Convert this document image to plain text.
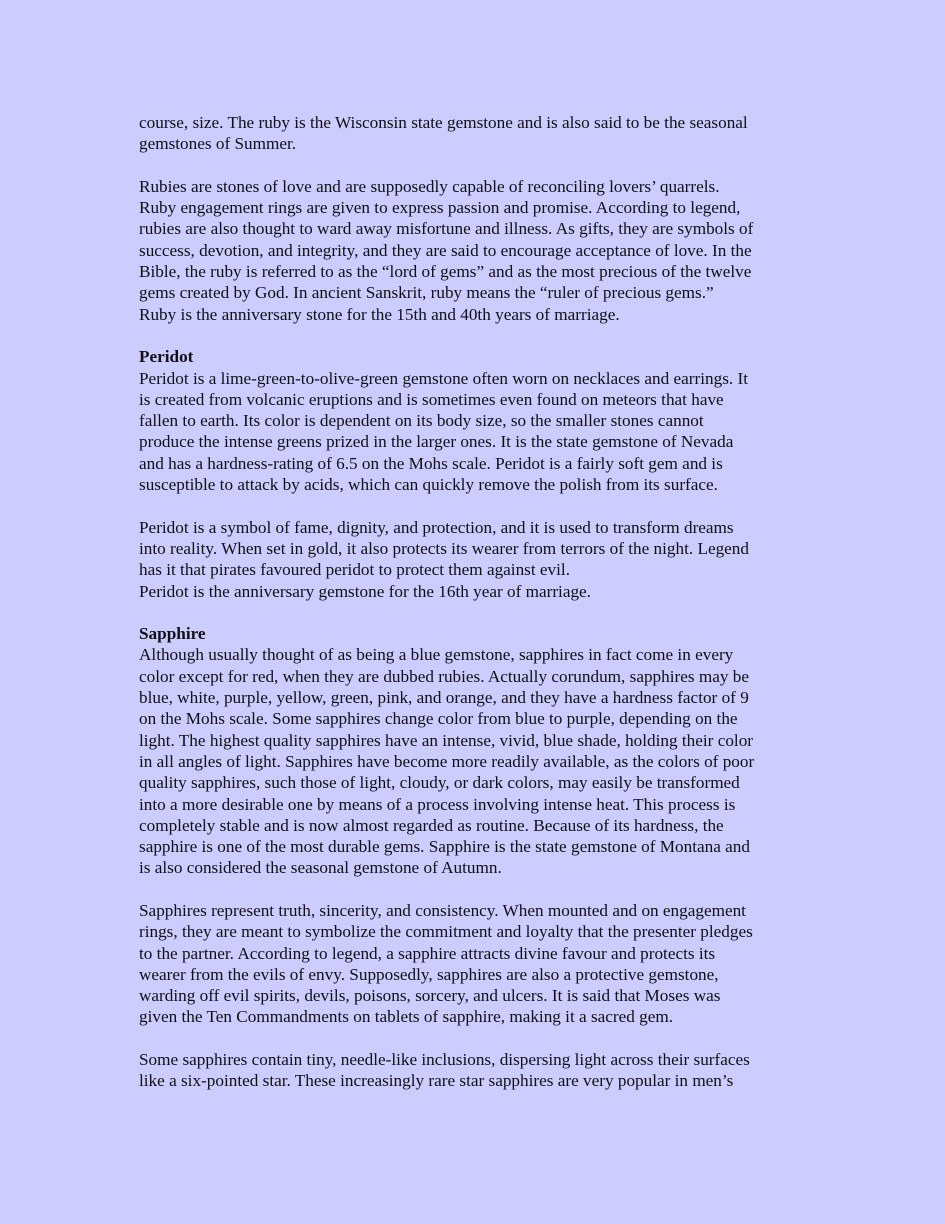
course, size. The ruby is the Wisconsin state gemstone and is also said to be the seasonal
gemstones of Summer.

Rubies are stones of love and are supposedly capable of reconciling lovers’ quarrels.
Ruby engagement rings are given to express passion and promise. According to legend,
rubies are also thought to ward away misfortune and illness. As gifts, they are symbols of
success, devotion, and integrity, and they are said to encourage acceptance of love. In the
Bible, the ruby is referred to as the “lord of gems” and as the most precious of the twelve
gems created by God. In ancient Sanskrit, ruby means the “ruler of precious gems.”
Ruby is the anniversary stone for the 15th and 40th years of marriage.

Peridot

Peridot is a lime-green-to-olive-green gemstone often worn on necklaces and earrings. It
is created from volcanic eruptions and is sometimes even found on meteors that have
fallen to earth. Its color is dependent on its body size, so the smaller stones cannot
produce the intense greens prized in the larger ones. It is the state gemstone of Nevada
and has a hardness-rating of 6.5 on the Mohs scale. Peridot is a fairly soft gem and is
susceptible to attack by acids, which can quickly remove the polish from its surface.

Peridot is a symbol of fame, dignity, and protection, and it is used to transform dreams
into reality. When set in gold, it also protects its wearer from terrors of the night. Legend
has it that pirates favoured peridot to protect them against evil.
Peridot is the anniversary gemstone for the 16th year of marriage.

Sapphire

Although usually thought of as being a blue gemstone, sapphires in fact come in every
color except for red, when they are dubbed rubies. Actually corundum, sapphires may be
blue, white, purple, yellow, green, pink, and orange, and they have a hardness factor of 9
on the Mohs scale. Some sapphires change color from blue to purple, depending on the
light. The highest quality sapphires have an intense, vivid, blue shade, holding their color
in all angles of light. Sapphires have become more readily available, as the colors of poor
quality sapphires, such those of light, cloudy, or dark colors, may easily be transformed
into a more desirable one by means of a process involving intense heat. This process is
completely stable and is now almost regarded as routine. Because of its hardness, the
sapphire is one of the most durable gems. Sapphire is the state gemstone of Montana and
is also considered the seasonal gemstone of Autumn.

Sapphires represent truth, sincerity, and consistency. When mounted and on engagement
rings, they are meant to symbolize the commitment and loyalty that the presenter pledges
to the partner. According to legend, a sapphire attracts divine favour and protects its
wearer from the evils of envy. Supposedly, sapphires are also a protective gemstone,
warding off evil spirits, devils, poisons, sorcery, and ulcers. It is said that Moses was
given the Ten Commandments on tablets of sapphire, making it a sacred gem.

Some sapphires contain tiny, needle-like inclusions, dispersing light across their surfaces
like a six-pointed star. These increasingly rare star sapphires are very popular in men’s
